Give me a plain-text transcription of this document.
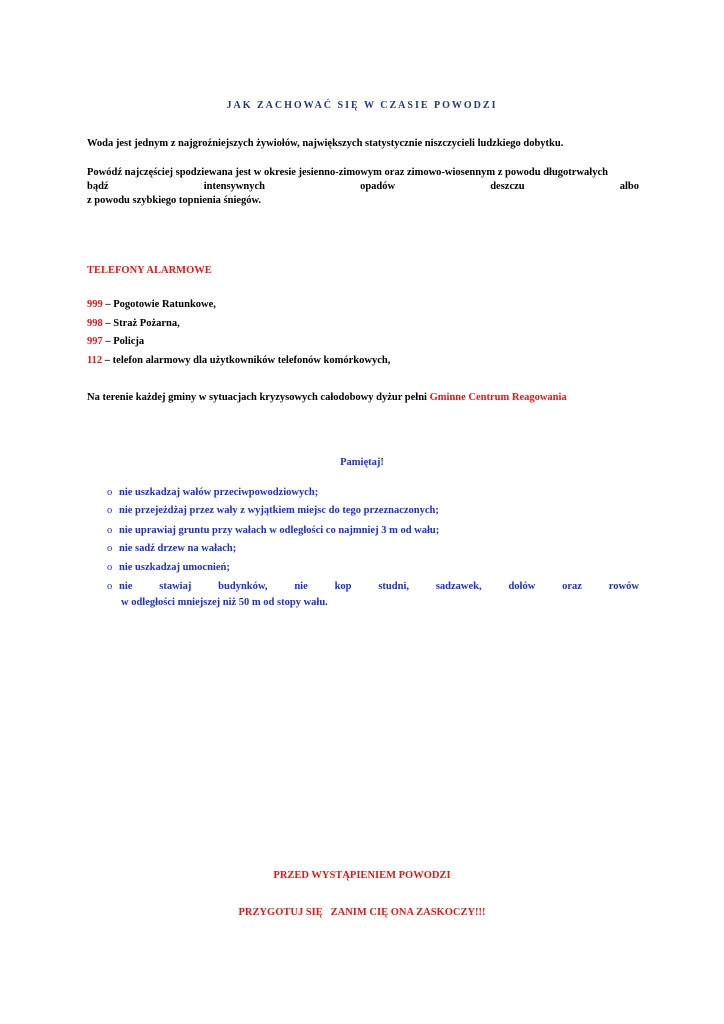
JAK ZACHOWAĆ SIĘ W CZASIE POWODZI
Woda jest jednym z najgroźniejszych żywiołów, największych statystycznie niszczycieli ludzkiego dobytku.
Powódź najczęściej spodziewana jest w okresie jesienno-zimowym oraz zimowo-wiosennym z powodu długotrwałych
bądź	intensywnych	opadów	deszczu	albo
z powodu szybkiego topnienia śniegów.
TELEFONY ALARMOWE
999 – Pogotowie Ratunkowe,
998 – Straż Pożarna,
997 – Policja
112 – telefon alarmowy dla użytkowników telefonów komórkowych,
Na terenie każdej gminy w sytuacjach kryzysowych całodobowy dyżur pełni Gminne Centrum Reagowania
Pamiętaj!
o nie uszkadzaj wałów przeciwpowodziowych;
o nie przejeżdżaj przez wały z wyjątkiem miejsc do tego przeznaczonych;
o nie uprawiaj gruntu przy wałach w odległości co najmniej 3 m od wału;
o nie sadź drzew na wałach;
o nie uszkadzaj umocnień;
o nie	stawiaj	budynków,	nie	kop	studni,	sadzawek,	dołów	oraz	rowów
w odległości mniejszej niż 50 m od stopy wału.
PRZED WYSTĄPIENIEM POWODZI
PRZYGOTUJ SIĘ   ZANIM CIĘ ONA ZASKOCZY!!!
